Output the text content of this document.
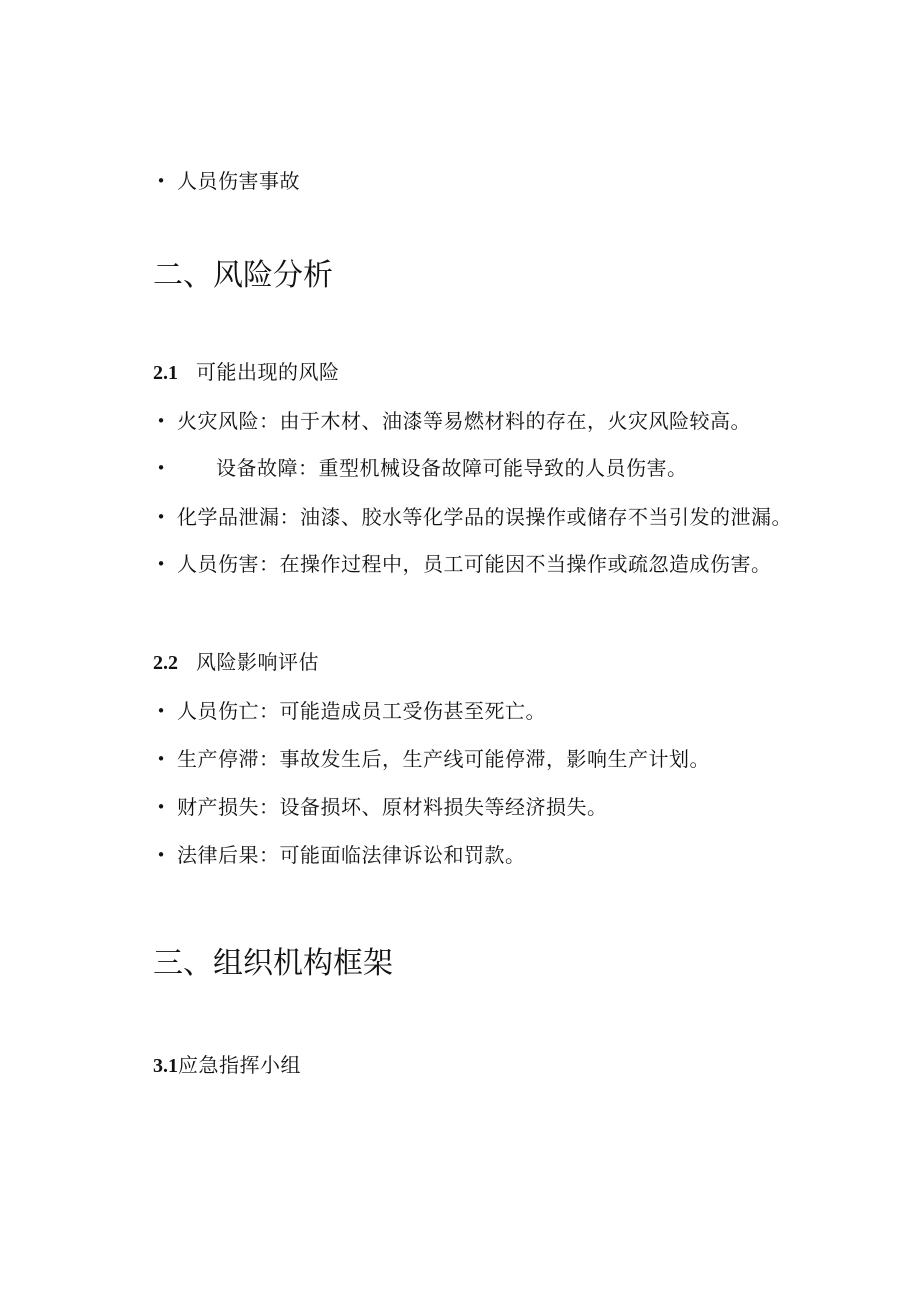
• 人员伤害事故
二、风险分析
2.1 可能出现的风险
• 火灾风险：由于木材、油漆等易燃材料的存在，火灾风险较高。
•	设备故障：重型机械设备故障可能导致的人员伤害。
• 化学品泄漏：油漆、胶水等化学品的误操作或储存不当引发的泄漏。
• 人员伤害：在操作过程中，员工可能因不当操作或疏忽造成伤害。
2.2 风险影响评估
• 人员伤亡：可能造成员工受伤甚至死亡。
• 生产停滞：事故发生后，生产线可能停滞，影响生产计划。
• 财产损失：设备损坏、原材料损失等经济损失。
• 法律后果：可能面临法律诉讼和罚款。
三、组织机构框架
3.1应急指挥小组
